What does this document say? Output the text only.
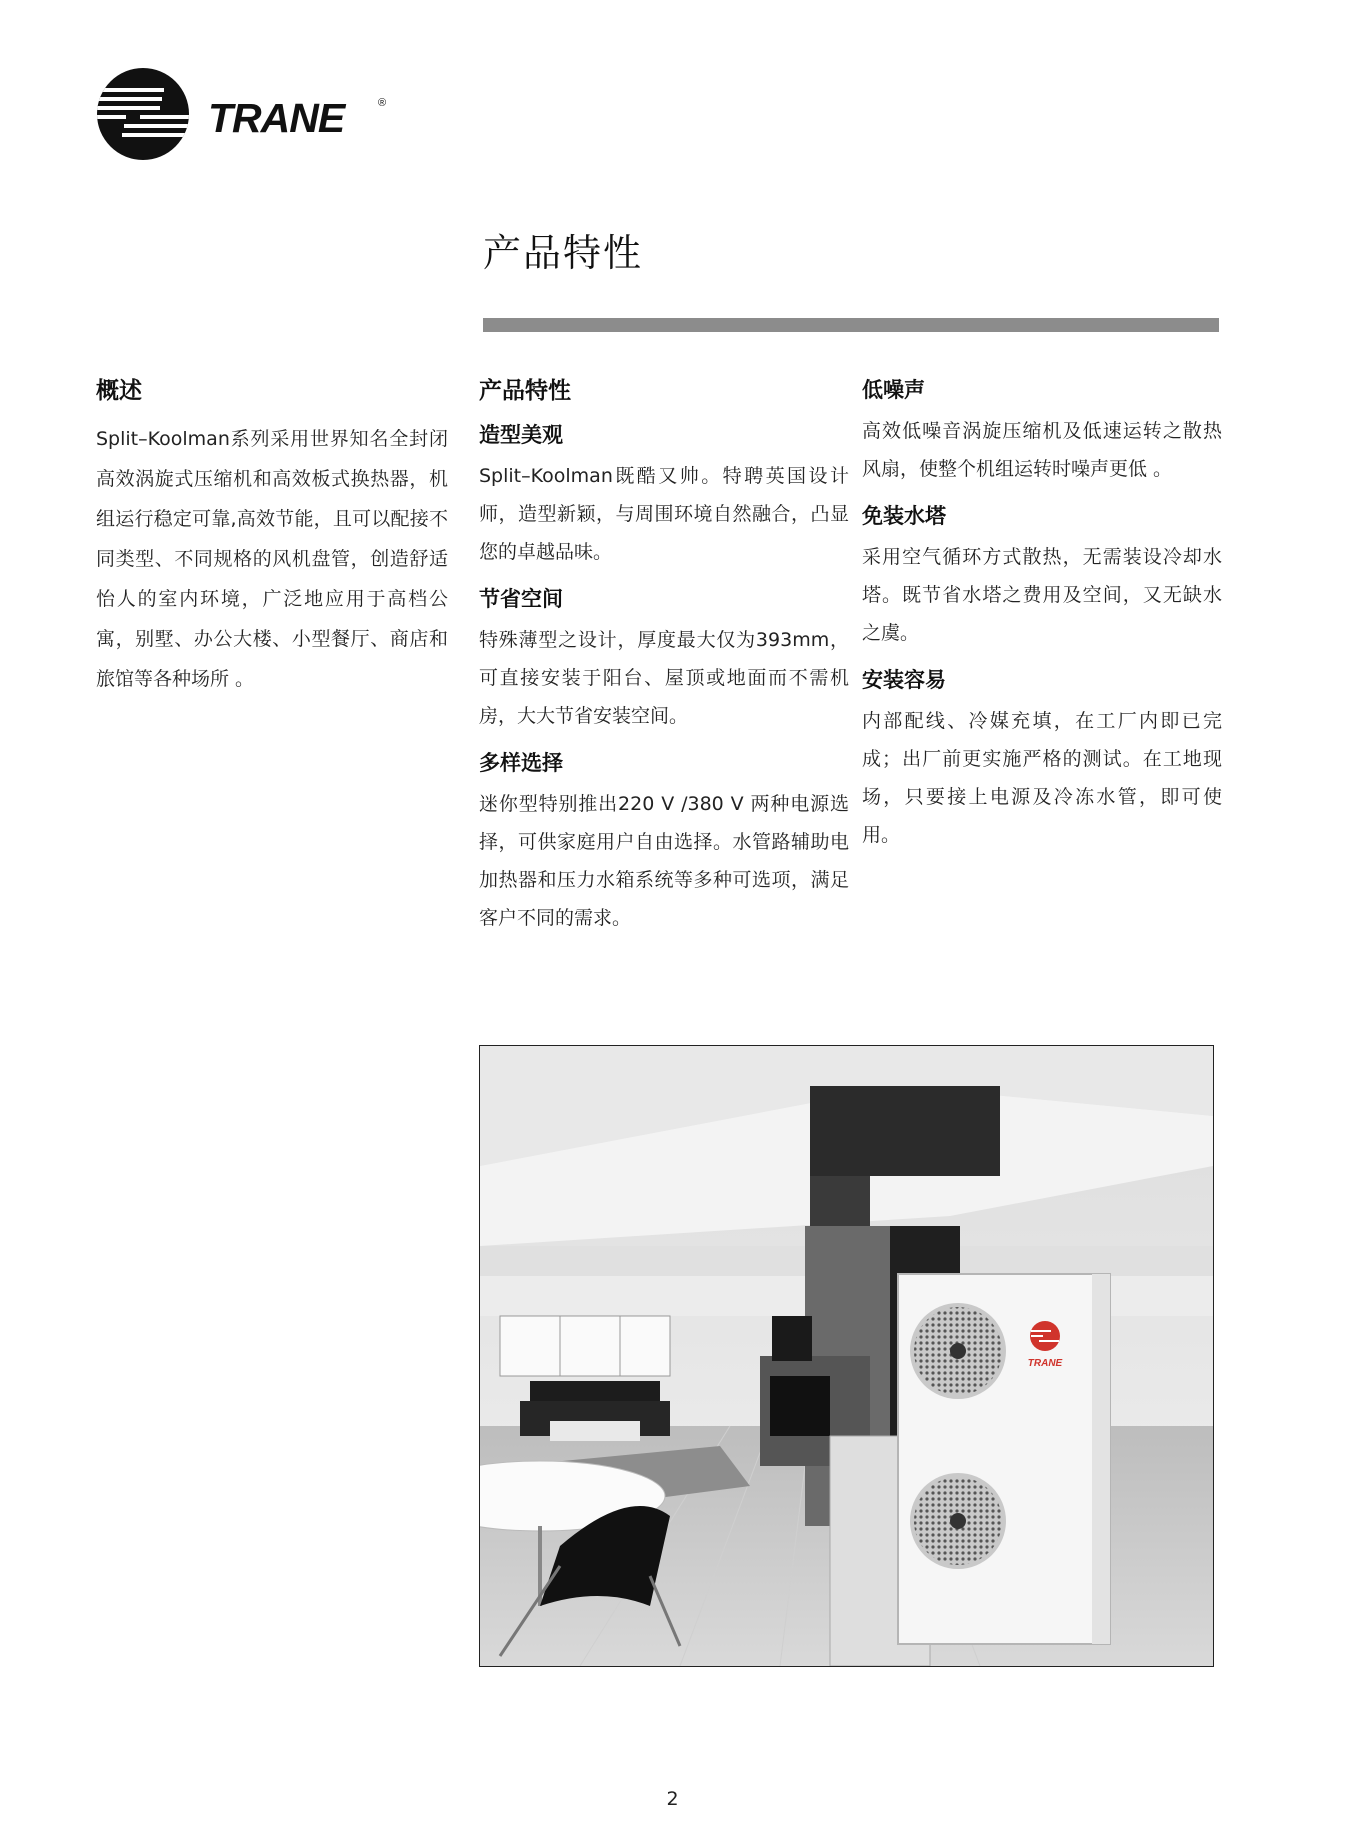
TRANE	®
产品特性
概述

Split–Koolman系列采用世界知名全封闭高效涡旋式压缩机和高效板式换热器，机组运行稳定可靠,高效节能，且可以配接不同类型、不同规格的风机盘管，创造舒适怡人的室内环境，广泛地应用于高档公寓，别墅、办公大楼、小型餐厅、商店和旅馆等各种场所 。

产品特性
造型美观

Split–Koolman既酷又帅。特聘英国设计师，造型新颖，与周围环境自然融合，凸显您的卓越品味。

节省空间

特殊薄型之设计，厚度最大仅为393mm，可直接安装于阳台、屋顶或地面而不需机房，大大节省安装空间。

多样选择

迷你型特别推出220 V /380 V 两种电源选择，可供家庭用户自由选择。水管路辅助电加热器和压力水箱系统等多种可选项，满足客户不同的需求。

低噪声

高效低噪音涡旋压缩机及低速运转之散热风扇，使整个机组运转时噪声更低 。

免装水塔

采用空气循环方式散热，无需装设冷却水塔。既节省水塔之费用及空间，又无缺水之虞。

安装容易

内部配线、冷媒充填，在工厂内即已完成；出厂前更实施严格的测试。在工地现场，只要接上电源及冷冻水管，即可使用。

TRANE
2
